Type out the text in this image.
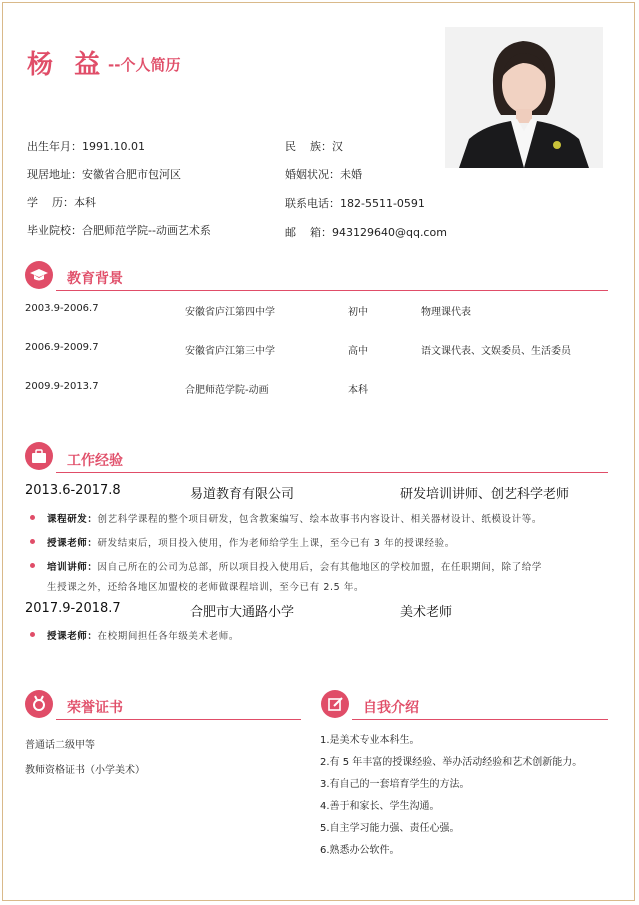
杨  益 --个人简历
出生年月：1991.10.01
现居地址：安徽省合肥市包河区
学    历：本科
毕业院校：合肥师范学院--动画艺术系
民    族：汉
婚姻状况：未婚
联系电话：182-5511-0591
邮    箱：943129640@qq.com
教育背景
2003.9-2006.7	安徽省庐江第四中学	初中	物理课代表
2006.9-2009.7	安徽省庐江第三中学	高中	语文课代表、文娱委员、生活委员
2009.9-2013.7	合肥师范学院-动画	本科
工作经验
2013.6-2017.8	易道教育有限公司	研发培训讲师、创艺科学老师
课程研发：创艺科学课程的整个项目研发，包含教案编写、绘本故事书内容设计、相关器材设计、纸模设计等。
授课老师：研发结束后，项目投入使用，作为老师给学生上课，至今已有 3 年的授课经验。
培训讲师：因自己所在的公司为总部，所以项目投入使用后，会有其他地区的学校加盟，在任职期间，除了给学
生授课之外，还给各地区加盟校的老师做课程培训，至今已有 2.5 年。
2017.9-2018.7	合肥市大通路小学	美术老师
授课老师：在校期间担任各年级美术老师。
荣誉证书
普通话二级甲等
教师资格证书（小学美术）
自我介绍
1.是美术专业本科生。
2.有 5 年丰富的授课经验、举办活动经验和艺术创新能力。
3.有自己的一套培育学生的方法。
4.善于和家长、学生沟通。
5.自主学习能力强、责任心强。
6.熟悉办公软件。
